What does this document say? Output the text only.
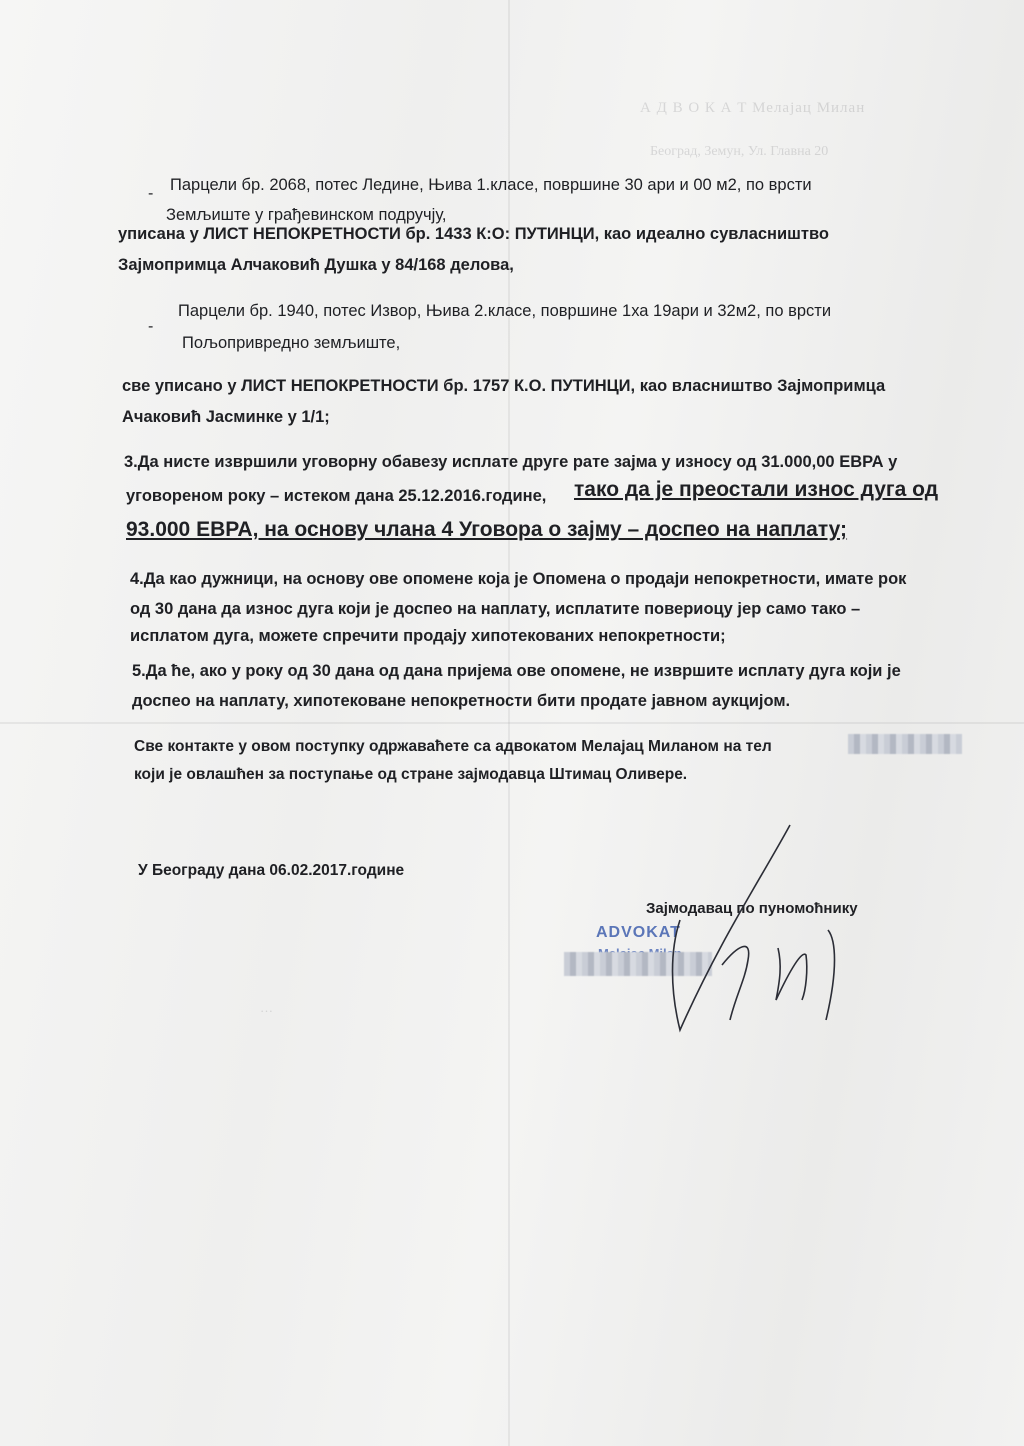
А Д В О К А Т Мелајац Милан
Београд, Земун, Ул. Главна 20
- Парцели бр. 2068, потес Ледине, Њива 1.класе, површине 30 ари и 00 м2, по врсти
Земљиште у грађевинском подручју,
уписана у ЛИСТ НЕПОКРЕТНОСТИ бр. 1433 К:О: ПУТИНЦИ, као идеално сувласништво
Зајмопримца Алчаковић Душка у 84/168 делова,
-
Парцели бр. 1940, потес Извор, Њива 2.класе, површине 1ха 19ари и 32м2, по врсти
Пољопривредно земљиште,
све уписано у ЛИСТ НЕПОКРЕТНОСТИ бр. 1757 К.О. ПУТИНЦИ, као власништво Зајмопримца
Ачаковић Јасминке у 1/1;
3.Да нисте извршили уговорну обавезу исплате друге рате зајма у износу од 31.000,00 ЕВРА у
уговореном року – истеком дана 25.12.2016.године, тако да је преостали износ дуга од
93.000 ЕВРА, на основу члана 4 Уговора о зајму – доспео на наплату;
4.Да као дужници, на основу ове опомене која је Опомена о продаји непокретности, имате рок
од 30 дана да износ дуга који је доспео на наплату, исплатите повериоцу јер само тако –
исплатом дуга, можете спречити продају хипотекованих непокретности;
5.Да ће, ако у року од 30 дана од дана пријема ове опомене, не извршите исплату дуга који је
доспео на наплату, хипотековане непокретности бити продате јавном аукцијом.
Све контакте у овом поступку одржаваћете са адвокатом Мелајац Миланом на тел
који је овлашћен за поступање од стране зајмодавца Штимац Оливере.
У Београду дана 06.02.2017.године
Зајмодавац по пуномоћнику
ADVOKAT
…
